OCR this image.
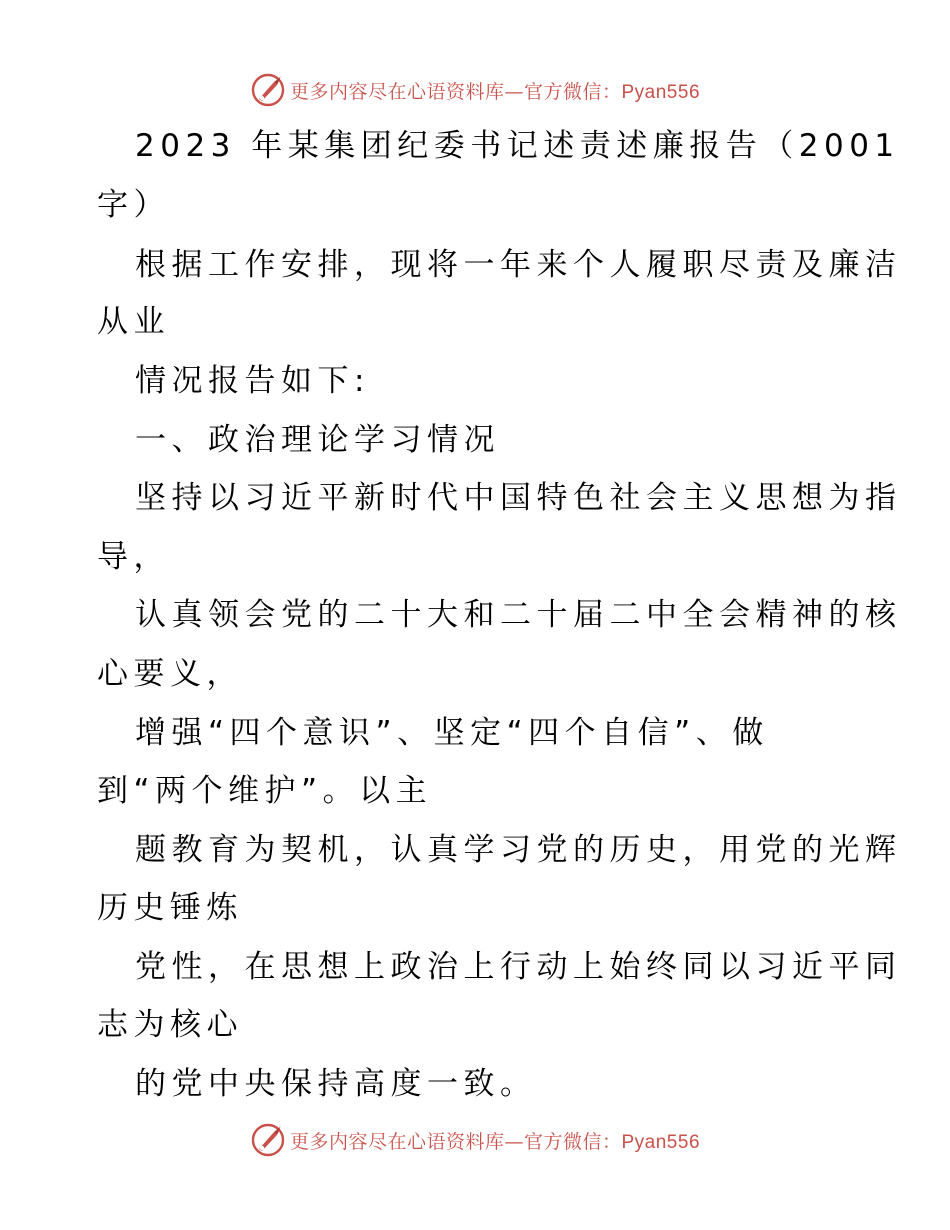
更多内容尽在心语资料库—官方微信：Pyan556
2023 年某集团纪委书记述责述廉报告（2001
字）
根据工作安排，现将一年来个人履职尽责及廉洁
从业
情况报告如下:
一、政治理论学习情况
坚持以习近平新时代中国特色社会主义思想为指
导，
认真领会党的二十大和二十届二中全会精神的核
心要义，
增强“四个意识”、坚定“四个自信”、做
到“两个维护”。以主
题教育为契机，认真学习党的历史，用党的光辉
历史锤炼
党性，在思想上政治上行动上始终同以习近平同
志为核心
的党中央保持高度一致。
更多内容尽在心语资料库—官方微信：Pyan556
